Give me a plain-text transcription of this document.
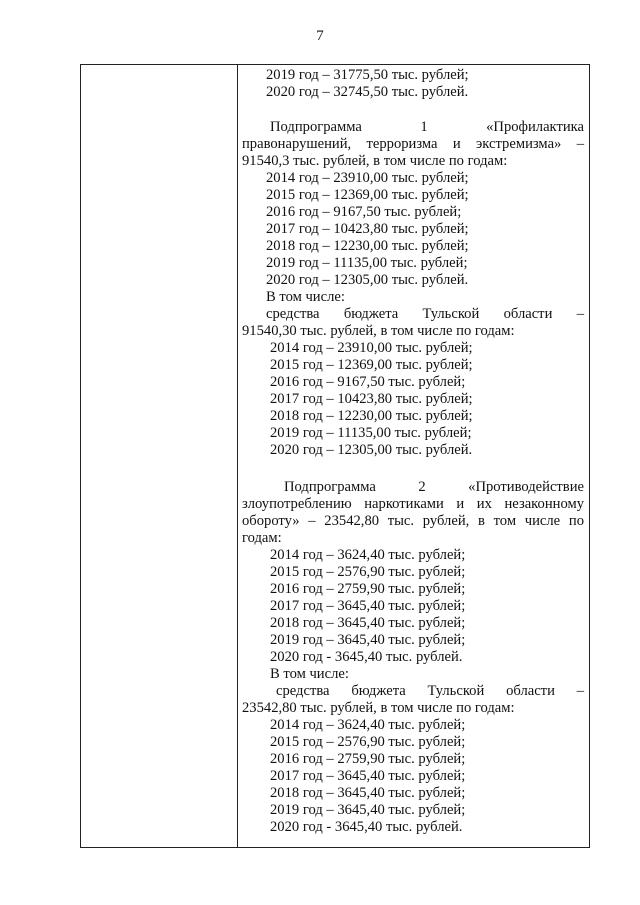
7
2019 год – 31775,50 тыс. рублей;
2020 год – 32745,50 тыс. рублей.
Подпрограмма 1 «Профилактика
правонарушений, терроризма и экстремизма» –
91540,3 тыс. рублей, в том числе по годам:
2014 год – 23910,00 тыс. рублей;
2015 год – 12369,00 тыс. рублей;
2016 год – 9167,50 тыс. рублей;
2017 год – 10423,80 тыс. рублей;
2018 год – 12230,00 тыс. рублей;
2019 год – 11135,00 тыс. рублей;
2020 год – 12305,00 тыс. рублей.
В том числе:
средства бюджета Тульской области –
91540,30 тыс. рублей, в том числе по годам:
2014 год – 23910,00 тыс. рублей;
2015 год – 12369,00 тыс. рублей;
2016 год – 9167,50 тыс. рублей;
2017 год – 10423,80 тыс. рублей;
2018 год – 12230,00 тыс. рублей;
2019 год – 11135,00 тыс. рублей;
2020 год – 12305,00 тыс. рублей.
Подпрограмма 2 «Противодействие
злоупотреблению наркотиками и их незаконному
обороту» – 23542,80 тыс. рублей, в том числе по
годам:
2014 год – 3624,40 тыс. рублей;
2015 год – 2576,90 тыс. рублей;
2016 год – 2759,90 тыс. рублей;
2017 год – 3645,40 тыс. рублей;
2018 год – 3645,40 тыс. рублей;
2019 год – 3645,40 тыс. рублей;
2020 год - 3645,40 тыс. рублей.
В том числе:
средства бюджета Тульской области –
23542,80 тыс. рублей, в том числе по годам:
2014 год – 3624,40 тыс. рублей;
2015 год – 2576,90 тыс. рублей;
2016 год – 2759,90 тыс. рублей;
2017 год – 3645,40 тыс. рублей;
2018 год – 3645,40 тыс. рублей;
2019 год – 3645,40 тыс. рублей;
2020 год - 3645,40 тыс. рублей.
